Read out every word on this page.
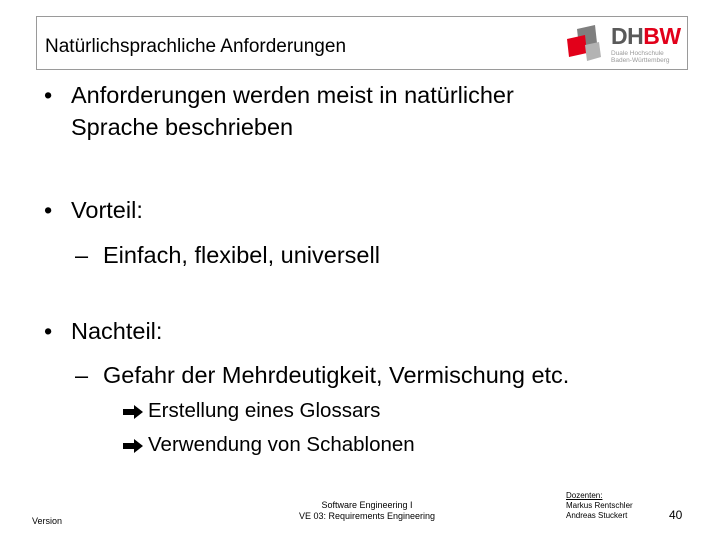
Natürlichsprachliche Anforderungen	DHBW
Duale Hochschule
Baden-Württemberg
• Anforderungen werden meist in natürlicher
Sprache beschrieben
• Vorteil:
– Einfach, flexibel, universell
• Nachteil:
– Gefahr der Mehrdeutigkeit, Vermischung etc.
Erstellung eines Glossars
Verwendung von Schablonen
Version
Software Engineering I
VE 03: Requirements Engineering
Dozenten:
Markus Rentschler
Andreas Stuckert	40
